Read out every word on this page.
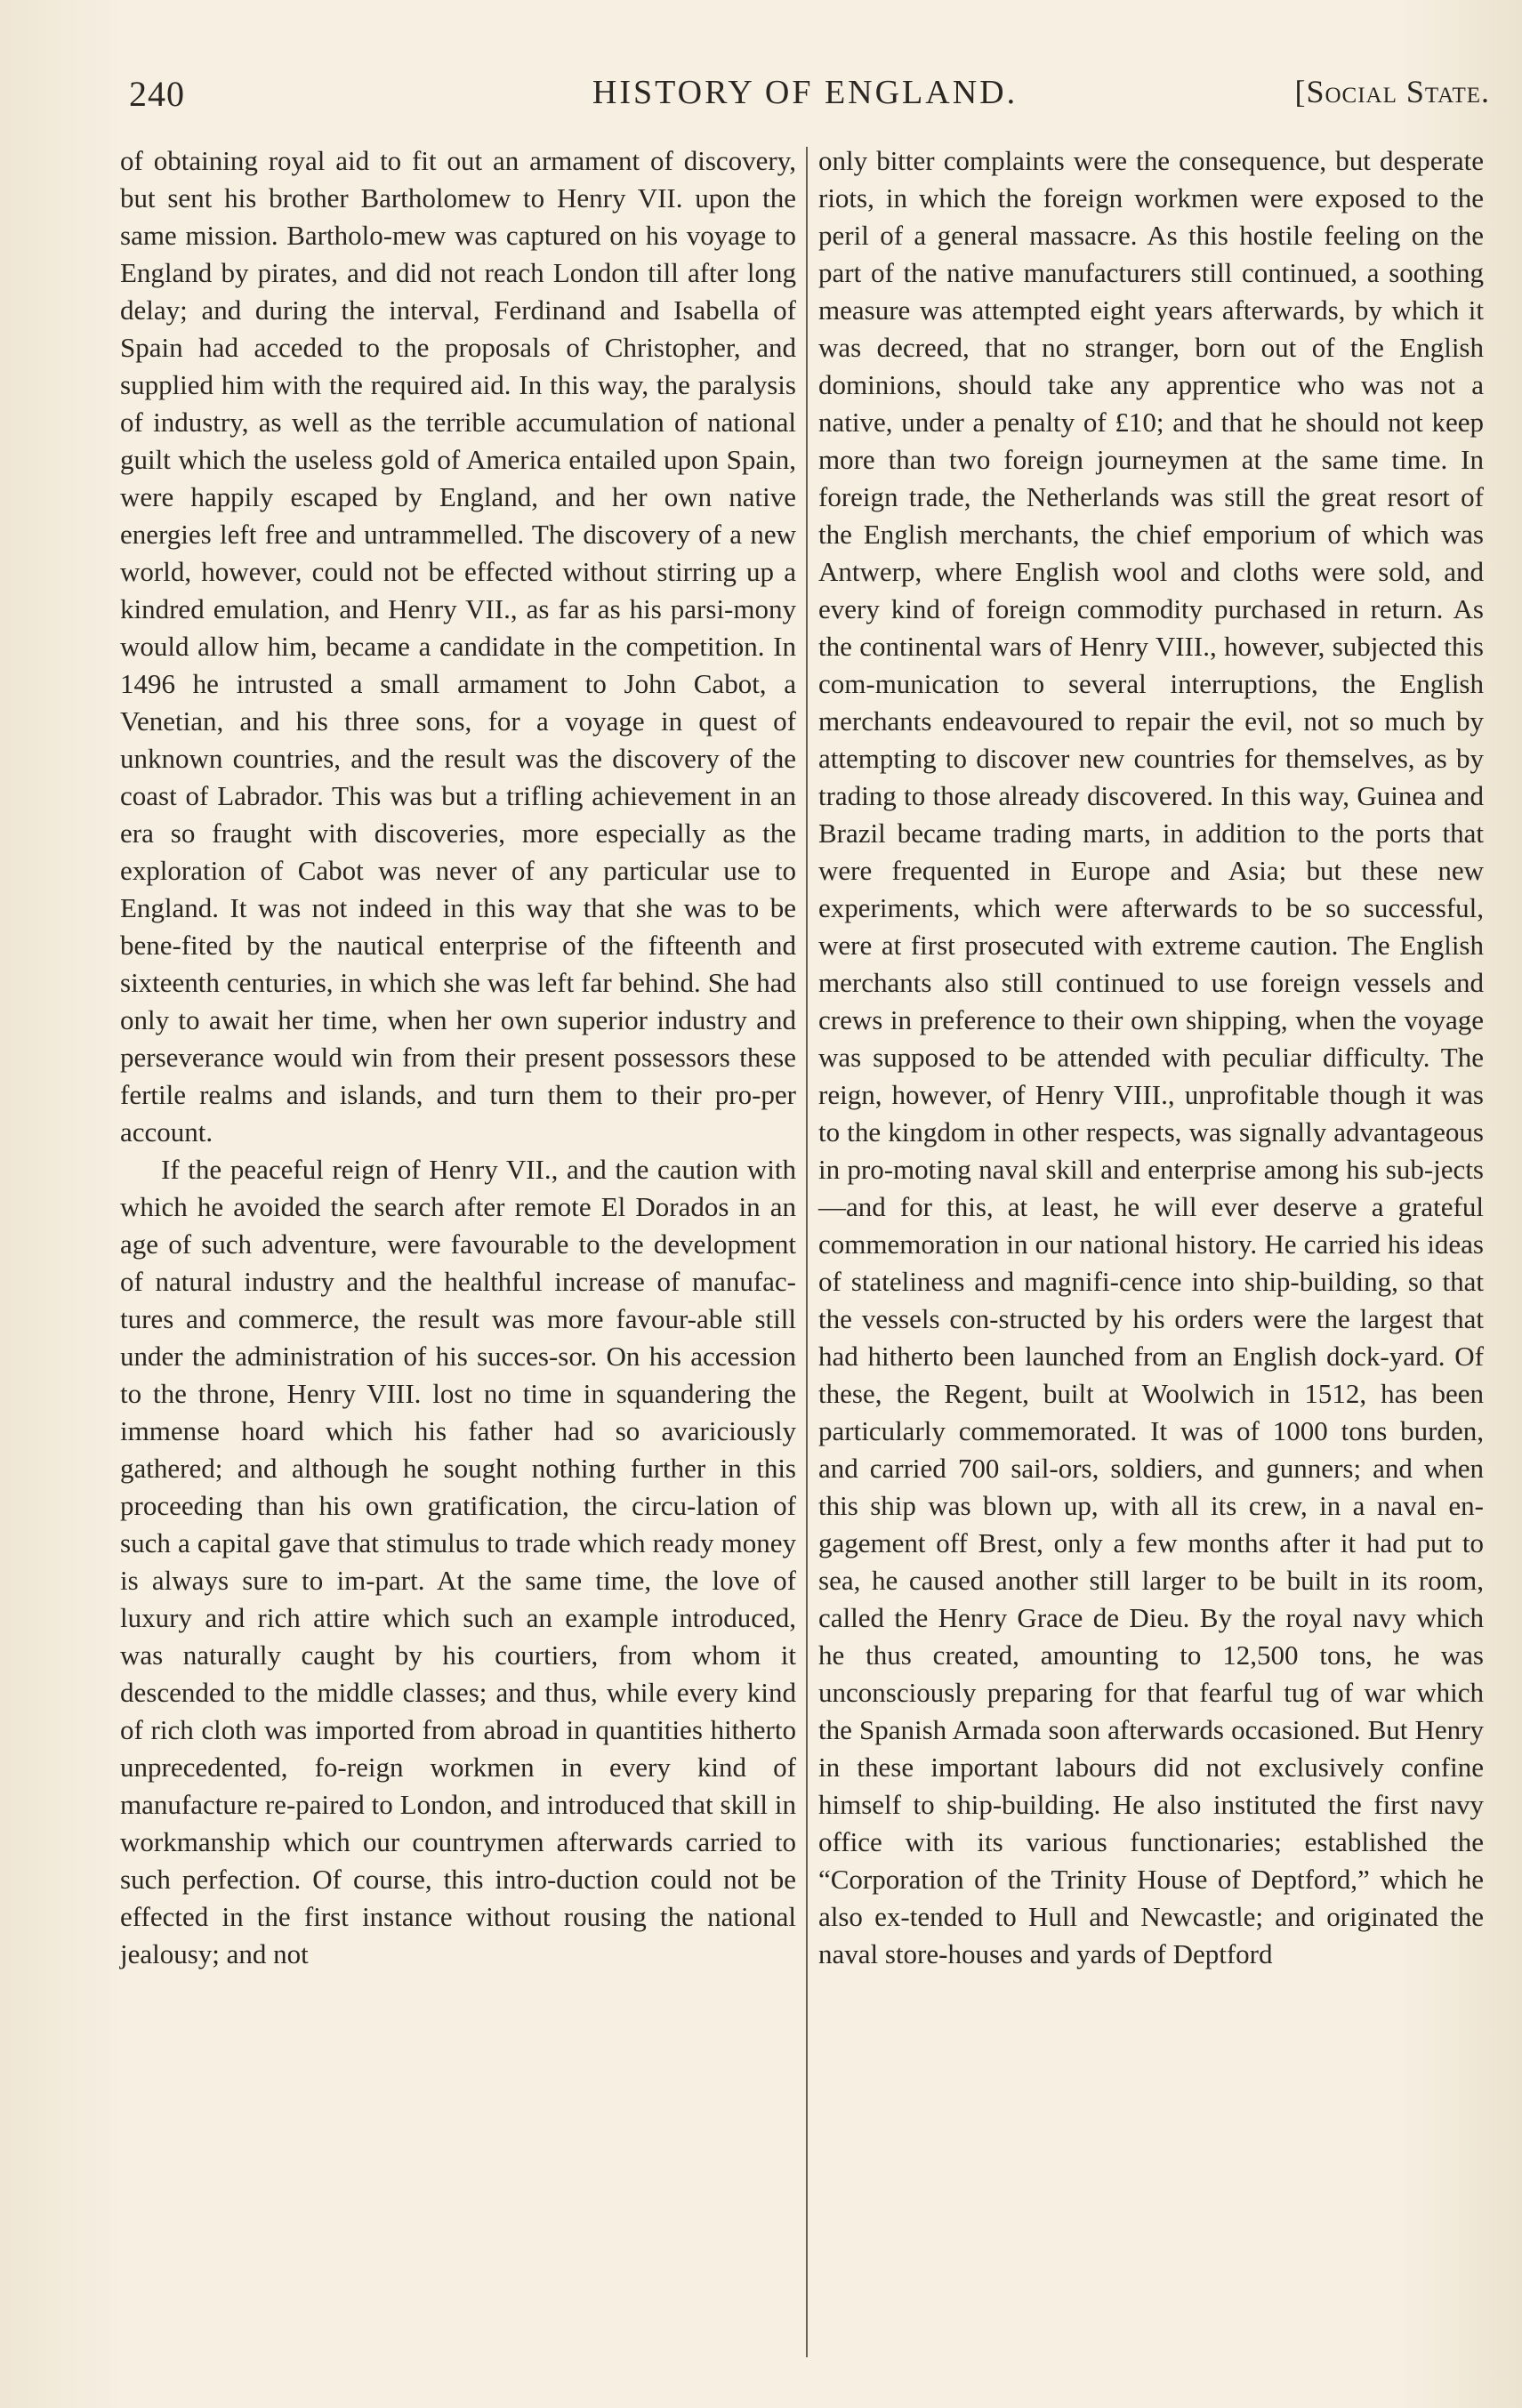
240	HISTORY OF ENGLAND.	[Social State.

of obtaining royal aid to fit out an armament of discovery, but sent his brother Bartholomew to Henry VII. upon the same mission. Bartholo-mew was captured on his voyage to England by pirates, and did not reach London till after long delay; and during the interval, Ferdinand and Isabella of Spain had acceded to the proposals of Christopher, and supplied him with the required aid. In this way, the paralysis of industry, as well as the terrible accumulation of national guilt which the useless gold of America entailed upon Spain, were happily escaped by England, and her own native energies left free and untrammelled. The discovery of a new world, however, could not be effected without stirring up a kindred emulation, and Henry VII., as far as his parsi-mony would allow him, became a candidate in the competition. In 1496 he intrusted a small armament to John Cabot, a Venetian, and his three sons, for a voyage in quest of unknown countries, and the result was the discovery of the coast of Labrador. This was but a trifling achievement in an era so fraught with discoveries, more especially as the exploration of Cabot was never of any particular use to England. It was not indeed in this way that she was to be bene-fited by the nautical enterprise of the fifteenth and sixteenth centuries, in which she was left far behind. She had only to await her time, when her own superior industry and perseverance would win from their present possessors these fertile realms and islands, and turn them to their pro-per account.

If the peaceful reign of Henry VII., and the caution with which he avoided the search after remote El Dorados in an age of such adventure, were favourable to the development of natural industry and the healthful increase of manufac-tures and commerce, the result was more favour-able still under the administration of his succes-sor. On his accession to the throne, Henry VIII. lost no time in squandering the immense hoard which his father had so avariciously gathered; and although he sought nothing further in this proceeding than his own gratification, the circu-lation of such a capital gave that stimulus to trade which ready money is always sure to im-part. At the same time, the love of luxury and rich attire which such an example introduced, was naturally caught by his courtiers, from whom it descended to the middle classes; and thus, while every kind of rich cloth was imported from abroad in quantities hitherto unprecedented, fo-reign workmen in every kind of manufacture re-paired to London, and introduced that skill in workmanship which our countrymen afterwards carried to such perfection. Of course, this intro-duction could not be effected in the first instance without rousing the national jealousy; and not

only bitter complaints were the consequence, but desperate riots, in which the foreign workmen were exposed to the peril of a general massacre. As this hostile feeling on the part of the native manufacturers still continued, a soothing measure was attempted eight years afterwards, by which it was decreed, that no stranger, born out of the English dominions, should take any apprentice who was not a native, under a penalty of £10; and that he should not keep more than two foreign journeymen at the same time. In foreign trade, the Netherlands was still the great resort of the English merchants, the chief emporium of which was Antwerp, where English wool and cloths were sold, and every kind of foreign commodity purchased in return. As the continental wars of Henry VIII., however, subjected this com-munication to several interruptions, the English merchants endeavoured to repair the evil, not so much by attempting to discover new countries for themselves, as by trading to those already discovered. In this way, Guinea and Brazil became trading marts, in addition to the ports that were frequented in Europe and Asia; but these new experiments, which were afterwards to be so successful, were at first prosecuted with extreme caution. The English merchants also still continued to use foreign vessels and crews in preference to their own shipping, when the voyage was supposed to be attended with peculiar difficulty. The reign, however, of Henry VIII., unprofitable though it was to the kingdom in other respects, was signally advantageous in pro-moting naval skill and enterprise among his sub-jects—and for this, at least, he will ever deserve a grateful commemoration in our national history. He carried his ideas of stateliness and magnifi-cence into ship-building, so that the vessels con-structed by his orders were the largest that had hitherto been launched from an English dock-yard. Of these, the Regent, built at Woolwich in 1512, has been particularly commemorated. It was of 1000 tons burden, and carried 700 sail-ors, soldiers, and gunners; and when this ship was blown up, with all its crew, in a naval en-gagement off Brest, only a few months after it had put to sea, he caused another still larger to be built in its room, called the Henry Grace de Dieu. By the royal navy which he thus created, amounting to 12,500 tons, he was unconsciously preparing for that fearful tug of war which the Spanish Armada soon afterwards occasioned. But Henry in these important labours did not exclusively confine himself to ship-building. He also instituted the first navy office with its various functionaries; established the “Corporation of the Trinity House of Deptford,” which he also ex-tended to Hull and Newcastle; and originated the naval store-houses and yards of Deptford
